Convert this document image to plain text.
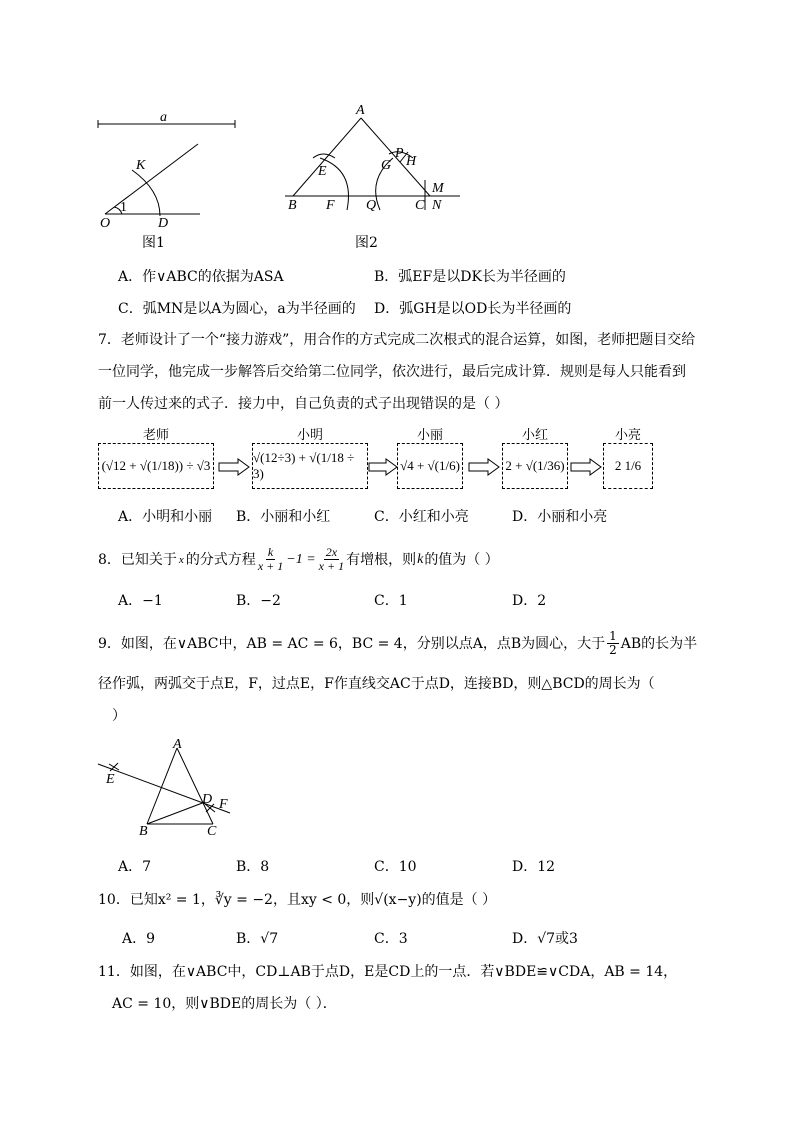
a
K
1
O	D
图1
A
E
P
H
G
M
B F Q	C N
图2
A．作∨ABC的依据为ASA	B．弧EF是以DK长为半径画的
C．弧MN是以A为圆心，a为半径画的 D．弧GH是以OD长为半径画的
7．老师设计了一个“接力游戏”，用合作的方式完成二次根式的混合运算，如图，老师把题目交给
一位同学，他完成一步解答后交给第二位同学，依次进行，最后完成计算．规则是每人只能看到
前一人传过来的式子．接力中，自己负责的式子出现错误的是（ ）
老师
(√12 + √(1/18)) ÷ √3
小明
√(12÷3) + √(1/18 ÷ 3)
小丽
√4 + √(1/6)
小红
2 + √(1/36)
小亮
2 1/6
A．小明和小丽 B．小丽和小红	C．小红和小亮	D．小丽和小亮
8．已知关于 x 的分式方程 $\frac{k}{x + 1} -1 = \frac{2x}{x + 1}$ 有增根，则 k 的值为（ ）
A．−1	B．−2	C．1	D．2
9．如图，在∨ABC中，AB = AC = 6，BC = 4，分别以点A，点B为圆心，大于 $\frac{1}{2}$ AB的长为半
径作弧，两弧交于点E，F，过点E，F作直线交AC于点D，连接BD，则△BCD的周长为（
）
A
E
D F
B	C
A．7	B．8	C．10	D．12
10．已知x² = 1，∛y = −2，且xy < 0，则√(x−y)的值是（ ）
A．9	B．√7	C．3	D．√7或3
11．如图，在∨ABC中，CD⊥AB于点D，E是CD上的一点．若∨BDE≌∨CDA，AB = 14，
AC = 10，则∨BDE的周长为（ ）．
